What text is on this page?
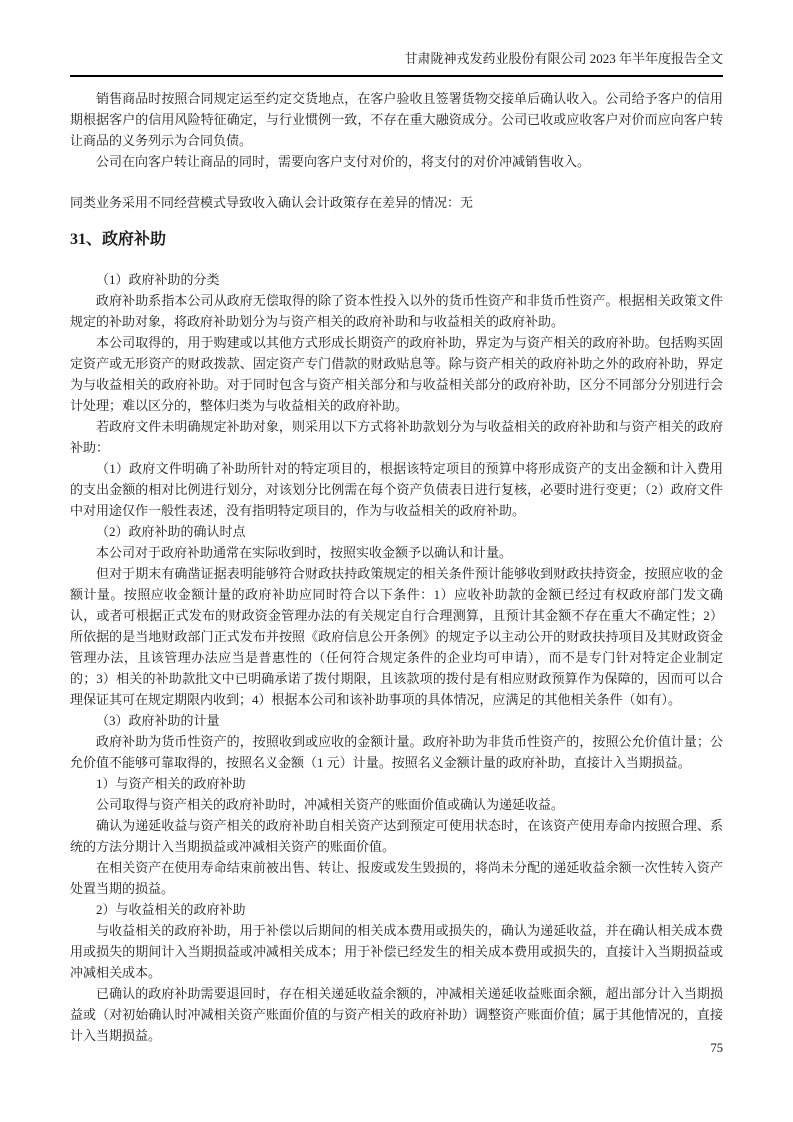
甘肃陇神戎发药业股份有限公司 2023 年半年度报告全文

销售商品时按照合同规定运至约定交货地点，在客户验收且签署货物交接单后确认收入。公司给予客户的信用期根据客户的信用风险特征确定，与行业惯例一致，不存在重大融资成分。公司已收或应收客户对价而应向客户转让商品的义务列示为合同负债。

公司在向客户转让商品的同时，需要向客户支付对价的，将支付的对价冲减销售收入。

同类业务采用不同经营模式导致收入确认会计政策存在差异的情况：无

31、政府补助

（1）政府补助的分类

政府补助系指本公司从政府无偿取得的除了资本性投入以外的货币性资产和非货币性资产。根据相关政策文件规定的补助对象，将政府补助划分为与资产相关的政府补助和与收益相关的政府补助。

本公司取得的，用于购建或以其他方式形成长期资产的政府补助，界定为与资产相关的政府补助。包括购买固定资产或无形资产的财政拨款、固定资产专门借款的财政贴息等。除与资产相关的政府补助之外的政府补助，界定为与收益相关的政府补助。对于同时包含与资产相关部分和与收益相关部分的政府补助，区分不同部分分别进行会计处理；难以区分的，整体归类为与收益相关的政府补助。

若政府文件未明确规定补助对象，则采用以下方式将补助款划分为与收益相关的政府补助和与资产相关的政府补助：

（1）政府文件明确了补助所针对的特定项目的，根据该特定项目的预算中将形成资产的支出金额和计入费用的支出金额的相对比例进行划分，对该划分比例需在每个资产负债表日进行复核，必要时进行变更；（2）政府文件中对用途仅作一般性表述，没有指明特定项目的，作为与收益相关的政府补助。

（2）政府补助的确认时点

本公司对于政府补助通常在实际收到时，按照实收金额予以确认和计量。

但对于期末有确凿证据表明能够符合财政扶持政策规定的相关条件预计能够收到财政扶持资金，按照应收的金额计量。按照应收金额计量的政府补助应同时符合以下条件：1）应收补助款的金额已经过有权政府部门发文确认，或者可根据正式发布的财政资金管理办法的有关规定自行合理测算，且预计其金额不存在重大不确定性；2）所依据的是当地财政部门正式发布并按照《政府信息公开条例》的规定予以主动公开的财政扶持项目及其财政资金管理办法，且该管理办法应当是普惠性的（任何符合规定条件的企业均可申请），而不是专门针对特定企业制定的；3）相关的补助款批文中已明确承诺了拨付期限，且该款项的拨付是有相应财政预算作为保障的，因而可以合理保证其可在规定期限内收到；4）根据本公司和该补助事项的具体情况，应满足的其他相关条件（如有）。

（3）政府补助的计量

政府补助为货币性资产的，按照收到或应收的金额计量。政府补助为非货币性资产的，按照公允价值计量；公允价值不能够可靠取得的，按照名义金额（1 元）计量。按照名义金额计量的政府补助，直接计入当期损益。

1）与资产相关的政府补助

公司取得与资产相关的政府补助时，冲减相关资产的账面价值或确认为递延收益。

确认为递延收益与资产相关的政府补助自相关资产达到预定可使用状态时，在该资产使用寿命内按照合理、系统的方法分期计入当期损益或冲减相关资产的账面价值。

在相关资产在使用寿命结束前被出售、转让、报废或发生毁损的，将尚未分配的递延收益余额一次性转入资产处置当期的损益。

2）与收益相关的政府补助

与收益相关的政府补助，用于补偿以后期间的相关成本费用或损失的，确认为递延收益，并在确认相关成本费用或损失的期间计入当期损益或冲减相关成本；用于补偿已经发生的相关成本费用或损失的，直接计入当期损益或冲减相关成本。

已确认的政府补助需要退回时，存在相关递延收益余额的，冲减相关递延收益账面余额，超出部分计入当期损益或（对初始确认时冲减相关资产账面价值的与资产相关的政府补助）调整资产账面价值；属于其他情况的，直接计入当期损益。

75
